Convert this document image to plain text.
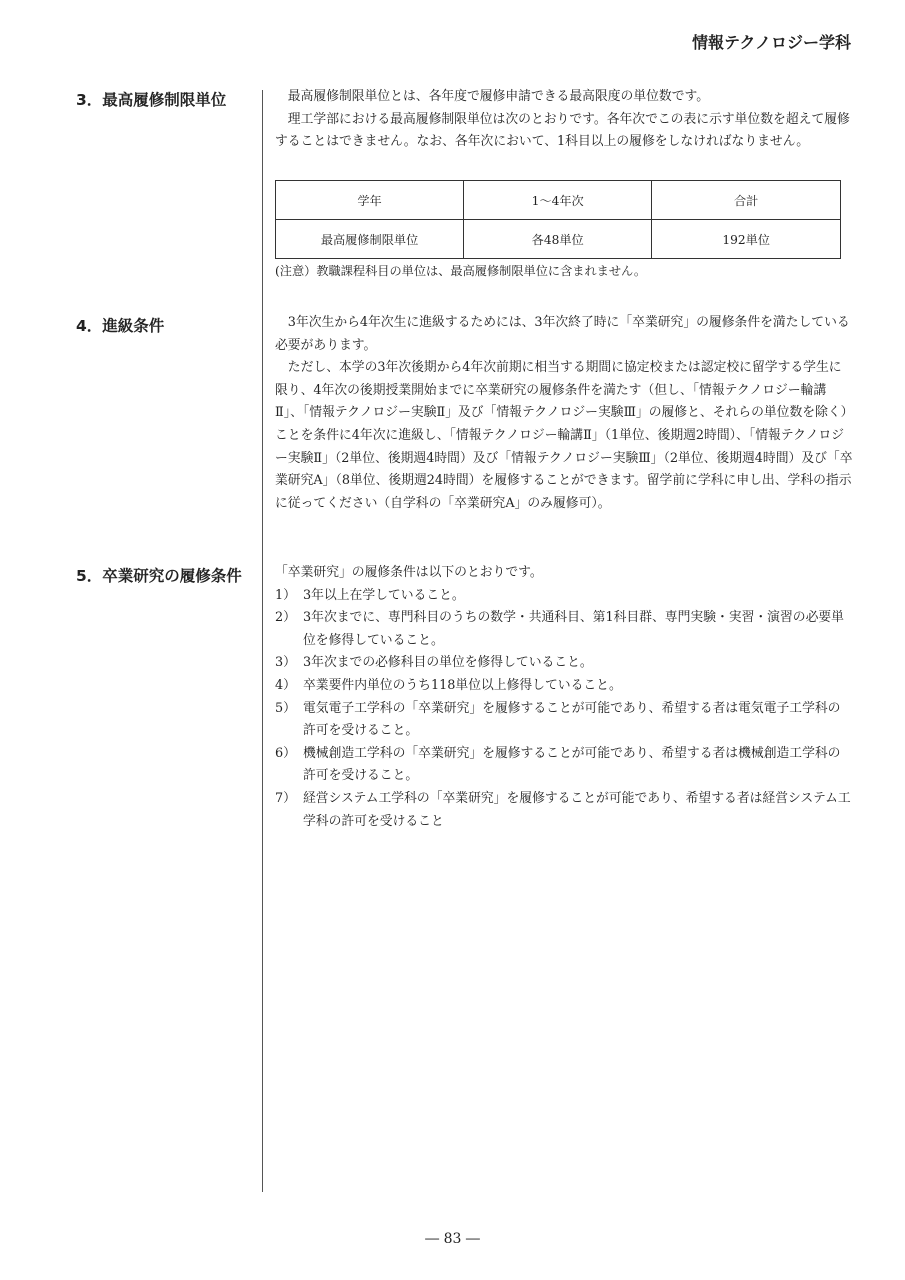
情報テクノロジー学科
3．最高履修制限単位	最高履修制限単位とは、各年度で履修申請できる最高限度の単位数です。

理工学部における最高履修制限単位は次のとおりです。各年次でこの表に示す単位数を超えて履修することはできません。なお、各年次において、1科目以上の履修をしなければなりません。

学年	1～4年次	合計
最高履修制限単位	各48単位	192単位
(注意）教職課程科目の単位は、最高履修制限単位に含まれません。
4．進級条件	3年次生から4年次生に進級するためには、3年次終了時に「卒業研究」の履修条件を満たしている必要があります。

ただし、本学の3年次後期から4年次前期に相当する期間に協定校または認定校に留学する学生に限り、4年次の後期授業開始までに卒業研究の履修条件を満たす（但し、「情報テクノロジー輪講Ⅱ」、「情報テクノロジー実験Ⅱ」及び「情報テクノロジー実験Ⅲ」の履修と、それらの単位数を除く）ことを条件に4年次に進級し、「情報テクノロジー輪講Ⅱ」（1単位、後期週2時間）、「情報テクノロジー実験Ⅱ」（2単位、後期週4時間）及び「情報テクノロジー実験Ⅲ」（2単位、後期週4時間）及び「卒業研究A」（8単位、後期週24時間）を履修することができます。留学前に学科に申し出、学科の指示に従ってください（自学科の「卒業研究A」のみ履修可）。

5．卒業研究の履修条件	「卒業研究」の履修条件は以下のとおりです。

1） 3年以上在学していること。
2） 3年次までに、専門科目のうちの数学・共通科目、第1科目群、専門実験・実習・演習の必要単位を修得していること。
3） 3年次までの必修科目の単位を修得していること。
4） 卒業要件内単位のうち118単位以上修得していること。
5） 電気電子工学科の「卒業研究」を履修することが可能であり、希望する者は電気電子工学科の許可を受けること。
6） 機械創造工学科の「卒業研究」を履修することが可能であり、希望する者は機械創造工学科の許可を受けること。
7） 経営システム工学科の「卒業研究」を履修することが可能であり、希望する者は経営システム工学科の許可を受けること
― 83 ―
